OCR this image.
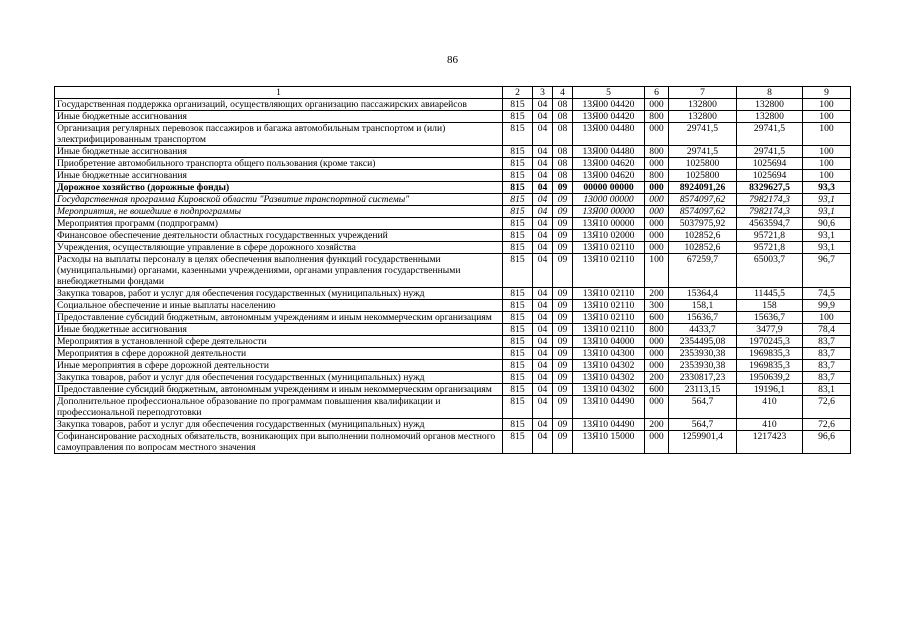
86
1	2	3	4	5	6	7	8	9
Государственная поддержка организаций, осуществляющих организацию пассажирских авиарейсов	815	04	08	13Я00 04420	000	132800	132800	100
Иные бюджетные ассигнования	815	04	08	13Я00 04420	800	132800	132800	100
Организация регулярных перевозок пассажиров и багажа автомобильным транспортом и (или) электрифицированным транспортом	815	04	08	13Я00 04480	000	29741,5	29741,5	100
Иные бюджетные ассигнования	815	04	08	13Я00 04480	800	29741,5	29741,5	100
Приобретение автомобильного транспорта общего пользования (кроме такси)	815	04	08	13Я00 04620	000	1025800	1025694	100
Иные бюджетные ассигнования	815	04	08	13Я00 04620	800	1025800	1025694	100
Дорожное хозяйство (дорожные фонды)	815	04	09	00000 00000	000	8924091,26	8329627,5	93,3
Государственная программа Кировской области "Развитие транспортной системы"	815	04	09	13000 00000	000	8574097,62	7982174,3	93,1
Мероприятия, не вошедшие в подпрограммы	815	04	09	13Я00 00000	000	8574097,62	7982174,3	93,1
Мероприятия программ (подпрограмм)	815	04	09	13Я10 00000	000	5037975,92	4563594,7	90,6
Финансовое обеспечение деятельности областных государственных учреждений	815	04	09	13Я10 02000	000	102852,6	95721,8	93,1
Учреждения, осуществляющие управление в сфере дорожного хозяйства	815	04	09	13Я10 02110	000	102852,6	95721,8	93,1
Расходы на выплаты персоналу в целях обеспечения выполнения функций государственными (муниципальными) органами, казенными учреждениями, органами управления государственными внебюджетными фондами	815	04	09	13Я10 02110	100	67259,7	65003,7	96,7
Закупка товаров, работ и услуг для обеспечения государственных (муниципальных) нужд	815	04	09	13Я10 02110	200	15364,4	11445,5	74,5
Социальное обеспечение и иные выплаты населению	815	04	09	13Я10 02110	300	158,1	158	99,9
Предоставление субсидий бюджетным, автономным учреждениям и иным некоммерческим организациям	815	04	09	13Я10 02110	600	15636,7	15636,7	100
Иные бюджетные ассигнования	815	04	09	13Я10 02110	800	4433,7	3477,9	78,4
Мероприятия в установленной сфере деятельности	815	04	09	13Я10 04000	000	2354495,08	1970245,3	83,7
Мероприятия в сфере дорожной деятельности	815	04	09	13Я10 04300	000	2353930,38	1969835,3	83,7
Иные мероприятия в сфере дорожной деятельности	815	04	09	13Я10 04302	000	2353930,38	1969835,3	83,7
Закупка товаров, работ и услуг для обеспечения государственных (муниципальных) нужд	815	04	09	13Я10 04302	200	2330817,23	1950639,2	83,7
Предоставление субсидий бюджетным, автономным учреждениям и иным некоммерческим организациям	815	04	09	13Я10 04302	600	23113,15	19196,1	83,1
Дополнительное профессиональное образование по программам повышения квалификации и профессиональной переподготовки	815	04	09	13Я10 04490	000	564,7	410	72,6
Закупка товаров, работ и услуг для обеспечения государственных (муниципальных) нужд	815	04	09	13Я10 04490	200	564,7	410	72,6
Софинансирование расходных обязательств, возникающих при выполнении полномочий органов местного самоуправления по вопросам местного значения	815	04	09	13Я10 15000	000	1259901,4	1217423	96,6
